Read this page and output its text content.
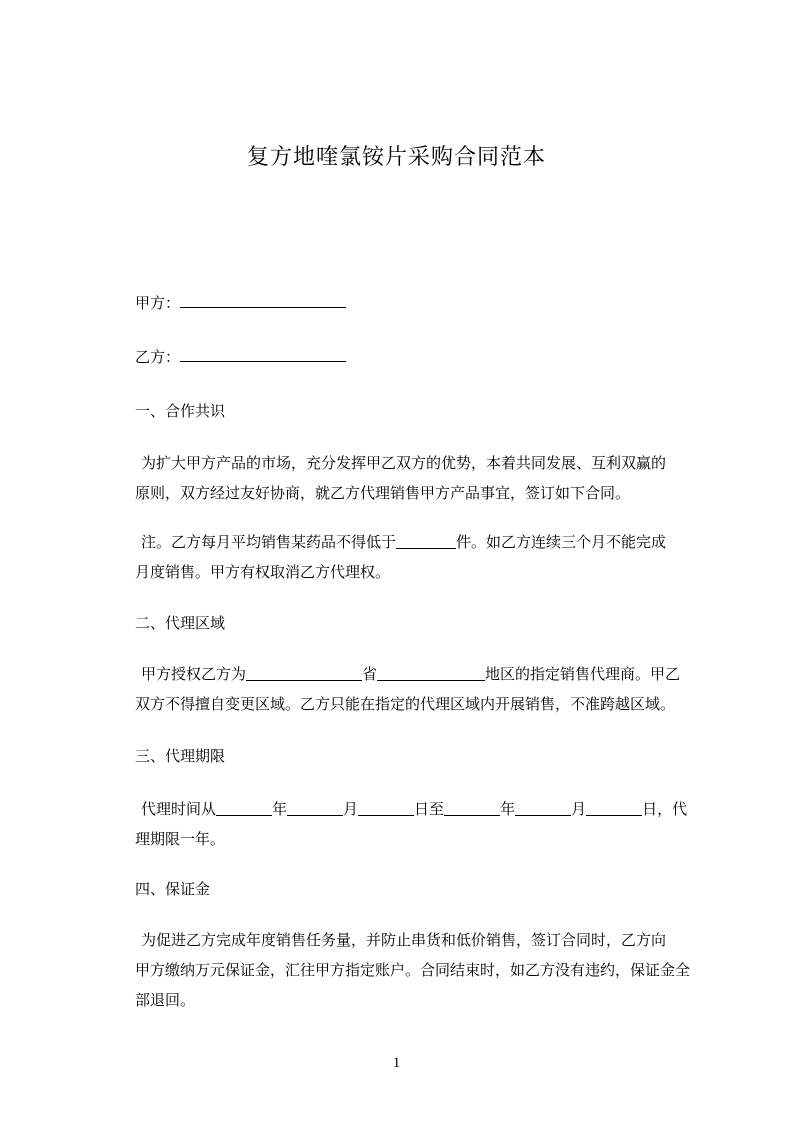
复方地喹氯铵片采购合同范本
甲方：
乙方：
一、合作共识
为扩大甲方产品的市场，充分发挥甲乙双方的优势，本着共同发展、互利双赢的
原则，双方经过友好协商，就乙方代理销售甲方产品事宜，签订如下合同。
注。乙方每月平均销售某药品不得低于	件。如乙方连续三个月不能完成
月度销售。甲方有权取消乙方代理权。
二、代理区域
甲方授权乙方为	省	地区的指定销售代理商。甲乙
双方不得擅自变更区域。乙方只能在指定的代理区域内开展销售，不准跨越区域。
三、代理期限
代理时间从	年	月	日至	年	月	日，代
理期限一年。
四、保证金
为促进乙方完成年度销售任务量，并防止串货和低价销售，签订合同时，乙方向
甲方缴纳万元保证金，汇往甲方指定账户。合同结束时，如乙方没有违约，保证金全
部退回。
1
